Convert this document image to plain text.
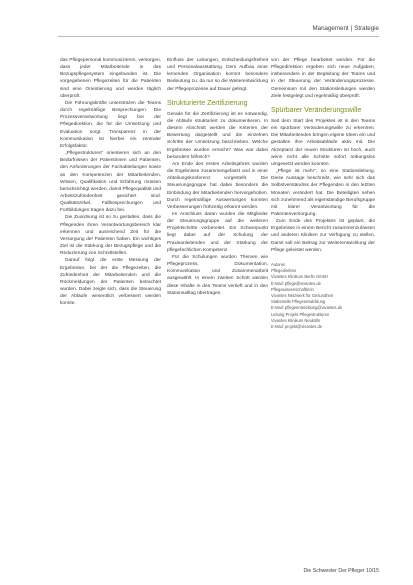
Management | Strategie

das Pflegepersonal kommunizieren, versorgen, dass jeder Mitarbeitende in das Bezugspflegesystem eingebunden ist. Die vorgegebenen Pflegezeiten für die Patienten sind eine Orientierung und werden täglich überprüft.

Die Führungskräfte unterstützen die Teams durch regelmäßige Besprechungen. Die Prozessverantwortung liegt bei der Pflegedirektion, die für die Umsetzung und Evaluation sorgt. Transparenz in der Kommunikation ist hierbei ein zentraler Erfolgsfaktor.

„Pflegestrukturen“ orientieren sich an den Bedürfnissen der Patientinnen und Patienten, den Anforderungen der Fachabteilungen sowie an den Kompetenzen der Mitarbeitenden. Wissen, Qualifikation und Erfahrung müssen berücksichtigt werden, damit Pflegequalität und Arbeitszufriedenheit gesichert sind. Qualitätszirkel, Fallbesprechungen und Fortbildungen tragen dazu bei.

Die Zuordnung ist so zu gestalten, dass die Pflegenden ihren Verantwortungsbereich klar erkennen und ausreichend Zeit für die Versorgung der Patienten haben. Ein wichtiges Ziel ist die Stärkung der Bezugspflege und die Reduzierung von Schnittstellen.

Darauf folgt die erste Messung der Ergebnisse, bei der die Pflegezeiten, die Zufriedenheit der Mitarbeitenden und die Rückmeldungen der Patienten betrachtet wurden. Dabei zeigte sich, dass die Steuerung der Abläufe wesentlich verbessert werden konnte.

Einfluss der Leitungen, Entscheidungsfreiheit und Personalausstattung. Dem Aufbau einer lernenden Organisation kommt besondere Bedeutung zu, da nur so die Weiterentwicklung der Pflegeprozesse auf Dauer gelingt.

Strukturierte Zertifizierung

Gerade für die Zertifizierung ist es notwendig, die Abläufe strukturiert zu dokumentieren. In diesem Abschnitt werden die Kriterien der Bewertung dargestellt und die einzelnen Schritte der Umsetzung beschrieben. Welche Ergebnisse wurden erreicht? Was war dabei besonders hilfreich?

Am Ende des ersten Arbeitsjahres wurden die Ergebnisse zusammengefasst und in einer Abteilungskonferenz vorgestellt. Die Steuerungsgruppe hat dabei besonders die Einbindung der Mitarbeitenden hervorgehoben. Durch regelmäßige Auswertungen konnten Verbesserungen frühzeitig erkannt werden.

Im Anschluss daran wurden die Mitglieder der Steuerungsgruppe auf die weiteren Projektschritte vorbereitet. Ein Schwerpunkt liegt dabei auf der Schulung der Praxisanleitenden und der Stärkung der pflegefachlichen Kompetenz.

Für die Schulungen wurden Themen wie Pflegeprozess, Dokumentation, Kommunikation und Zusammenarbeit ausgewählt. In einem zweiten Schritt werden diese Inhalte in den Teams vertieft und in den Stationsalltag übertragen.

von der Pflege bearbeitet werden. Für die Pflegedirektion ergeben sich neue Aufgaben, insbesondere in der Begleitung der Teams und in der Steuerung der Veränderungsprozesse. Gemeinsam mit den Stationsleitungen werden Ziele festgelegt und regelmäßig überprüft.

Spürbarer Veränderungswille

Seit dem Start des Projektes ist in den Teams ein spürbarer Veränderungswille zu erkennen. Die Mitarbeitenden bringen eigene Ideen ein und gestalten ihre Arbeitsabläufe aktiv mit. Die Akzeptanz der neuen Strukturen ist hoch, auch wenn nicht alle Schritte sofort reibungslos umgesetzt werden konnten.

„Pflege ist mehr“, so eine Stationsleitung. Diese Aussage beschreibt, wie sehr sich das Selbstverständnis der Pflegenden in den letzten Monaten verändert hat. Die Beteiligten sehen sich zunehmend als eigenständige Berufsgruppe mit klarer Verantwortung für die Patientenversorgung.

Zum Ende des Projektes ist geplant, die Ergebnisse in einem Bericht zusammenzufassen und anderen Kliniken zur Verfügung zu stellen. Damit soll ein Beitrag zur Weiterentwicklung der Pflege geleistet werden.

Autoren
Pflegedirektor
Vivantes Klinikum Berlin GmbH
E-Mail: pflege@vivantes.de
Pflegewissenschaftlerin
Vivantes Netzwerk für Gesundheit
Stabsstelle Pflegeentwicklung
E-Mail: pflegeentwicklung@vivantes.de
Leitung Projekt Pflegestrukturen
Vivantes Klinikum Neukölln
E-Mail: projekt@vivantes.de
Die Schwester Der Pfleger 10/15
